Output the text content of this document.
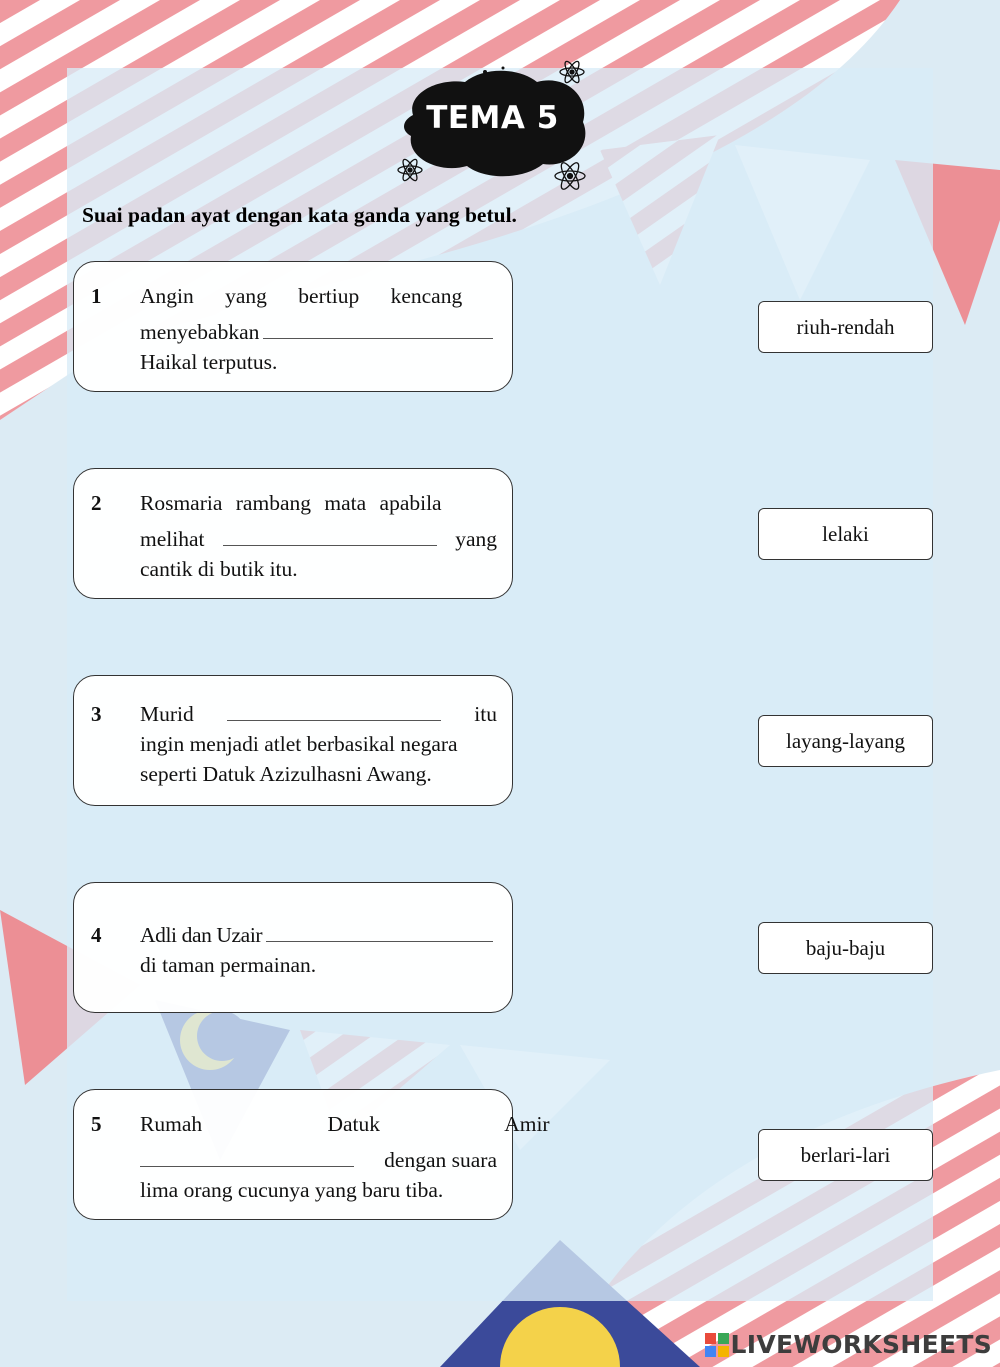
TEMA 5
Suai padan ayat dengan kata ganda yang betul.
1 Angin yang bertiup kencang
menyebabkan
Haikal terputus.
2 Rosmaria rambang mata apabila
melihat	yang
cantik di butik itu.
3 Murid	itu
ingin menjadi atlet berbasikal negara
seperti Datuk Azizulhasni Awang.
4 Adli dan Uzair
di taman permainan.
5 Rumah Datuk Amir
dengan suara
lima orang cucunya yang baru tiba.
riuh-rendah
lelaki
layang-layang
baju-baju
berlari-lari
LIVEWORKSHEETS
